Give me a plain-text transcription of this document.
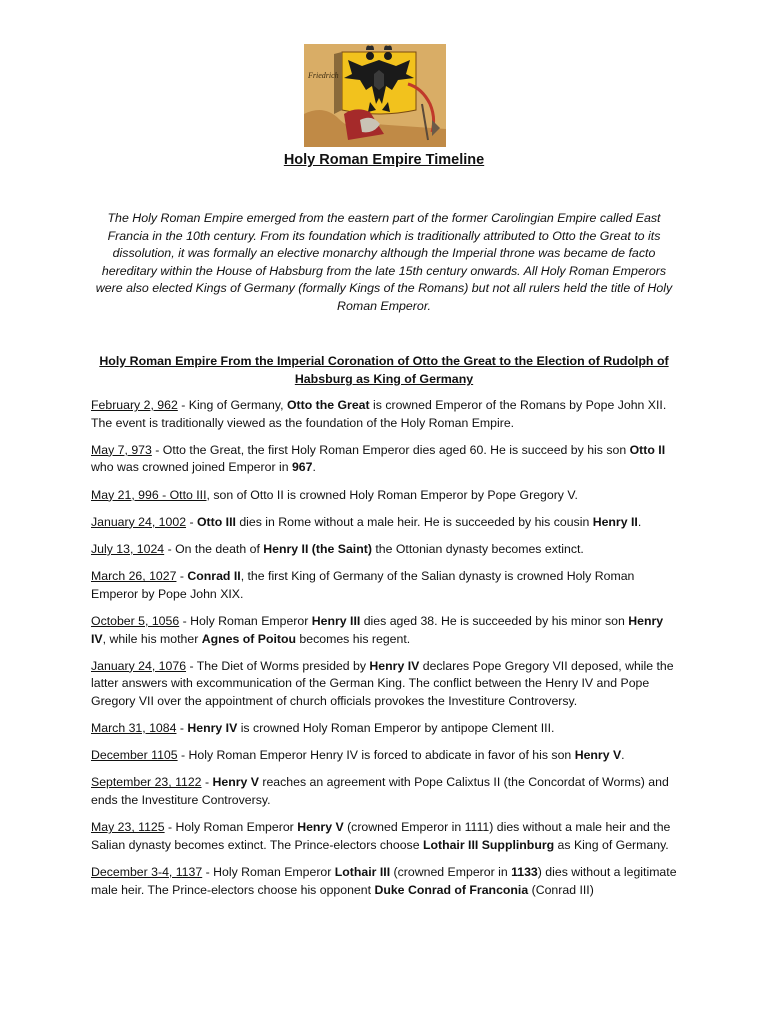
Friedrich
Holy Roman Empire Timeline
The Holy Roman Empire emerged from the eastern part of the former Carolingian Empire called East Francia in the 10th century. From its foundation which is traditionally attributed to Otto the Great to its dissolution, it was formally an elective monarchy although the Imperial throne was became de facto hereditary within the House of Habsburg from the late 15th century onwards. All Holy Roman Emperors were also elected Kings of Germany (formally Kings of the Romans) but not all rulers held the title of Holy Roman Emperor.
Holy Roman Empire From the Imperial Coronation of Otto the Great to the Election of Rudolph of Habsburg as King of Germany

February 2, 962 - King of Germany, Otto the Great is crowned Emperor of the Romans by Pope John XII. The event is traditionally viewed as the foundation of the Holy Roman Empire.

May 7, 973 - Otto the Great, the first Holy Roman Emperor dies aged 60. He is succeed by his son Otto II who was crowned joined Emperor in 967.

May 21, 996 - Otto III, son of Otto II is crowned Holy Roman Emperor by Pope Gregory V.

January 24, 1002 - Otto III dies in Rome without a male heir. He is succeeded by his cousin Henry II.

July 13, 1024 - On the death of Henry II (the Saint) the Ottonian dynasty becomes extinct.

March 26, 1027 - Conrad II, the first King of Germany of the Salian dynasty is crowned Holy Roman Emperor by Pope John XIX.

October 5, 1056 - Holy Roman Emperor Henry III dies aged 38. He is succeeded by his minor son Henry IV, while his mother Agnes of Poitou becomes his regent.

January 24, 1076 - The Diet of Worms presided by Henry IV declares Pope Gregory VII deposed, while the latter answers with excommunication of the German King. The conflict between the Henry IV and Pope Gregory VII over the appointment of church officials provokes the Investiture Controversy.

March 31, 1084 - Henry IV is crowned Holy Roman Emperor by antipope Clement III.

December 1105 - Holy Roman Emperor Henry IV is forced to abdicate in favor of his son Henry V.

September 23, 1122 - Henry V reaches an agreement with Pope Calixtus II (the Concordat of Worms) and ends the Investiture Controversy.

May 23, 1125 - Holy Roman Emperor Henry V (crowned Emperor in 1111) dies without a male heir and the Salian dynasty becomes extinct. The Prince-electors choose Lothair III Supplinburg as King of Germany.

December 3-4, 1137 - Holy Roman Emperor Lothair III (crowned Emperor in 1133) dies without a legitimate male heir. The Prince-electors choose his opponent Duke Conrad of Franconia (Conrad III)
